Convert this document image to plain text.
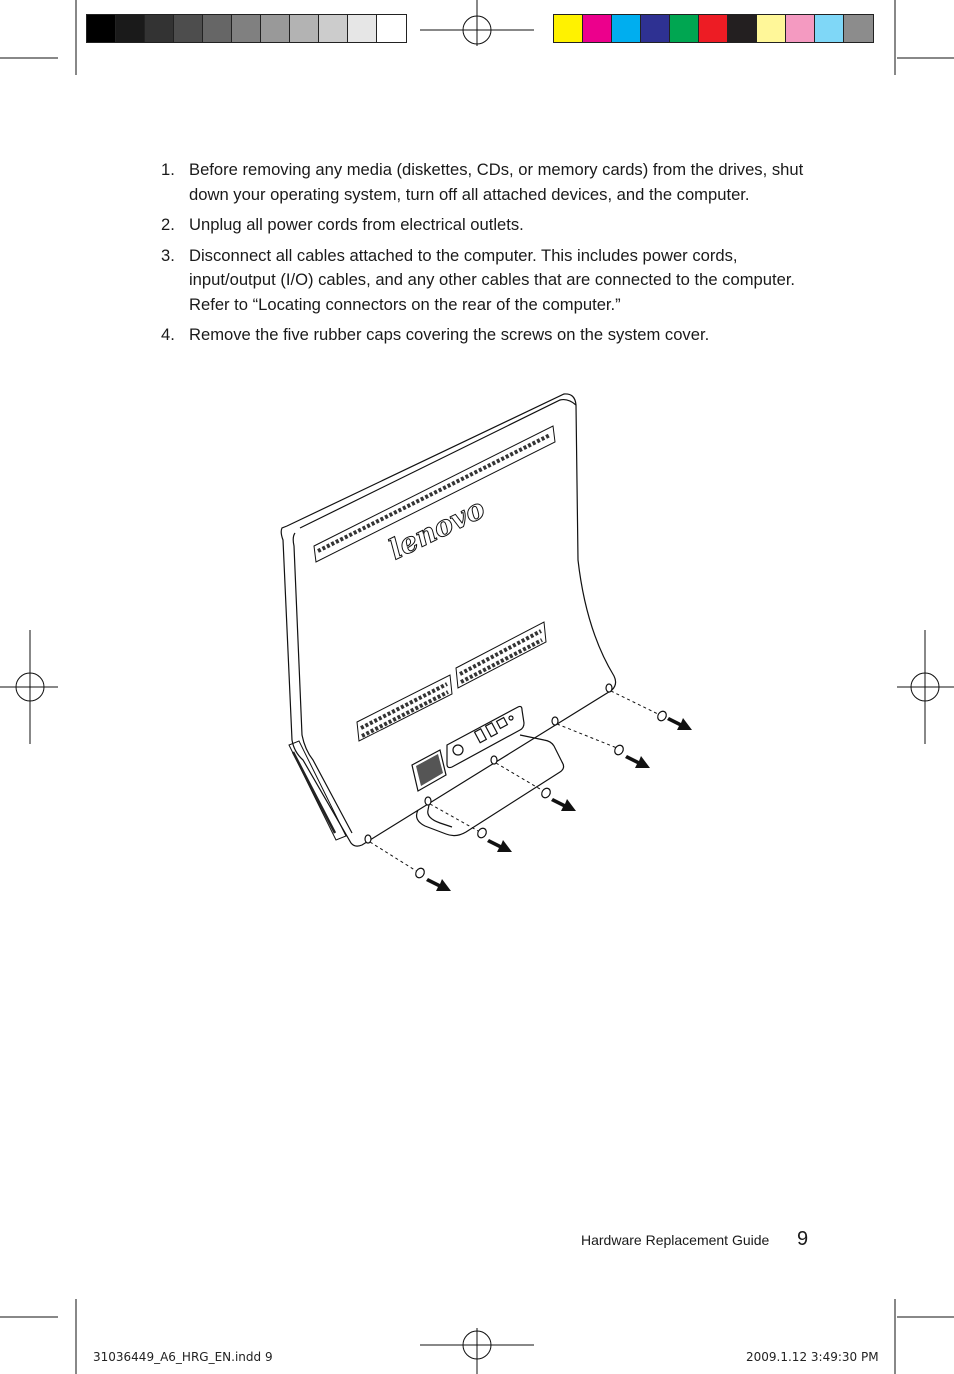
lenovo
1. Before removing any media (diskettes, CDs, or memory cards) from the drives, shut down your operating system, turn off all attached devices, and the computer.
2. Unplug all power cords from electrical outlets.
3. Disconnect all cables attached to the computer. This includes power cords, input/output (I/O) cables, and any other cables that are connected to the computer. Refer to “Locating connectors on the rear of the computer.”
4. Remove the five rubber caps covering the screws on the system cover.
Hardware Replacement Guide 9
31036449_A6_HRG_EN.indd 9	2009.1.12 3:49:30 PM
